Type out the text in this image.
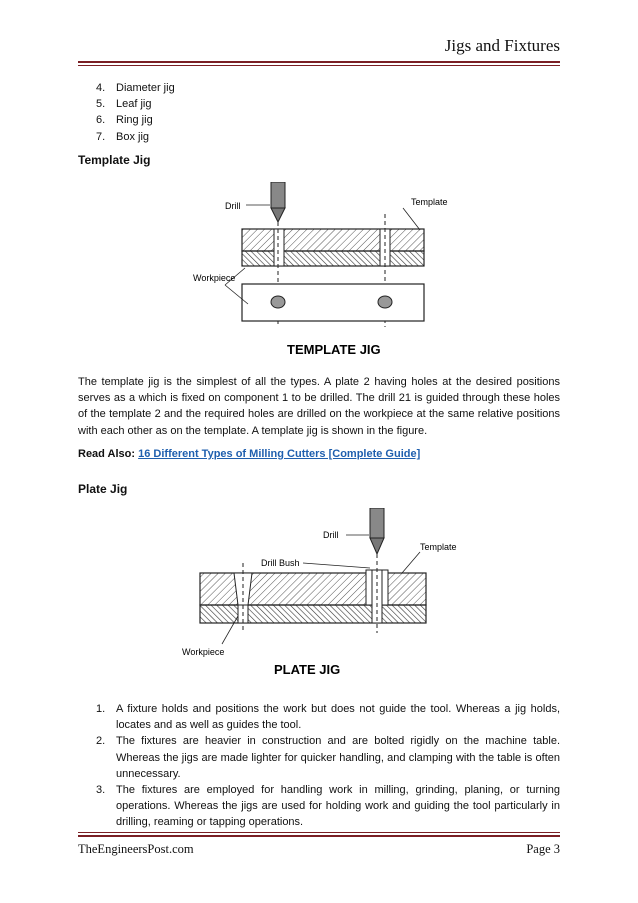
Jigs and Fixtures
4. Diameter jig
5. Leaf jig
6. Ring jig
7. Box jig
Template Jig
Drill	Template
Workpiece
TEMPLATE JIG
The template jig is the simplest of all the types. A plate 2 having holes at the desired positions serves as a which is fixed on component 1 to be drilled. The drill 21 is guided through these holes of the template 2 and the required holes are drilled on the workpiece at the same relative positions with each other as on the template. A template jig is shown in the figure.
Read Also: 16 Different Types of Milling Cutters [Complete Guide]
Plate Jig
Drill
Template
Drill Bush
Workpiece
PLATE JIG
1. A fixture holds and positions the work but does not guide the tool. Whereas a jig holds, locates and as well as guides the tool.
2. The fixtures are heavier in construction and are bolted rigidly on the machine table. Whereas the jigs are made lighter for quicker handling, and clamping with the table is often unnecessary.
3. The fixtures are employed for handling work in milling, grinding, planing, or turning operations. Whereas the jigs are used for holding work and guiding the tool particularly in drilling, reaming or tapping operations.
TheEngineersPost.com	Page 3
